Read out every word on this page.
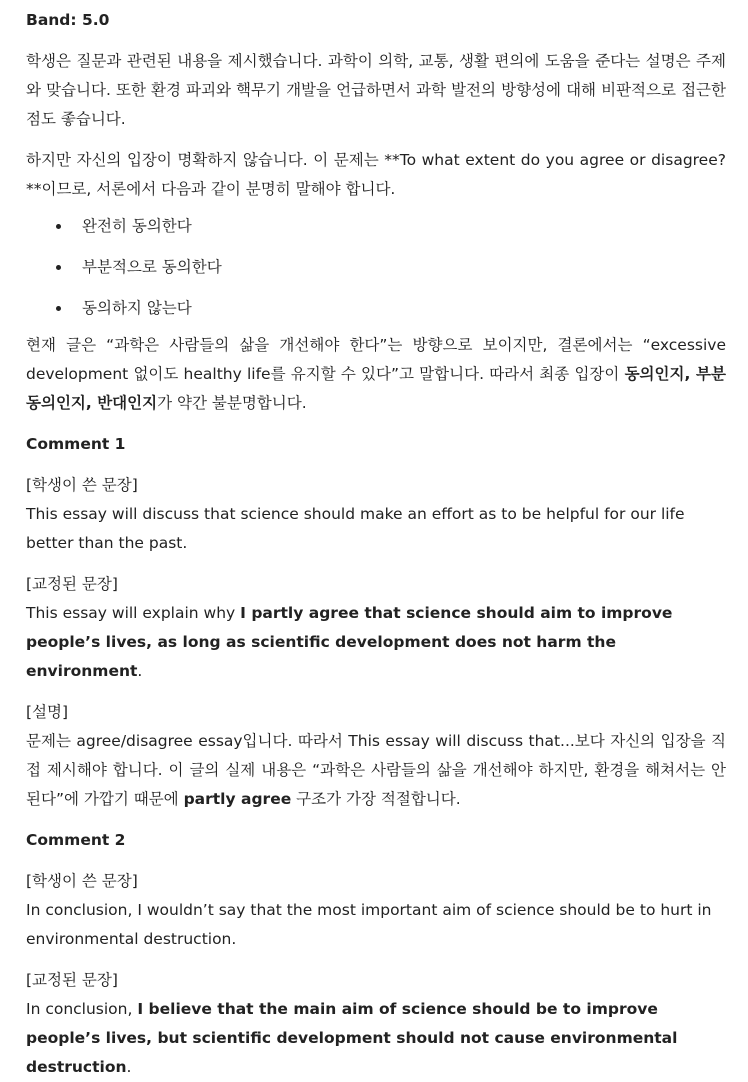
Band: 5.0

학생은 질문과 관련된 내용을 제시했습니다. 과학이 의학, 교통, 생활 편의에 도움을 준다는 설명은 주제와 맞습니다. 또한 환경 파괴와 핵무기 개발을 언급하면서 과학 발전의 방향성에 대해 비판적으로 접근한 점도 좋습니다.

하지만 자신의 입장이 명확하지 않습니다. 이 문제는 **To what extent do you agree or disagree?**이므로, 서론에서 다음과 같이 분명히 말해야 합니다.

완전히 동의한다
부분적으로 동의한다
동의하지 않는다

현재 글은 “과학은 사람들의 삶을 개선해야 한다”는 방향으로 보이지만, 결론에서는 “excessive development 없이도 healthy life를 유지할 수 있다”고 말합니다. 따라서 최종 입장이 동의인지, 부분 동의인지, 반대인지가 약간 불분명합니다.

Comment 1

[학생이 쓴 문장]

This essay will discuss that science should make an effort as to be helpful for our life better than the past.

[교정된 문장]

This essay will explain why I partly agree that science should aim to improve people’s lives, as long as scientific development does not harm the environment.

[설명]

문제는 agree/disagree essay입니다. 따라서 This essay will discuss that...보다 자신의 입장을 직접 제시해야 합니다. 이 글의 실제 내용은 “과학은 사람들의 삶을 개선해야 하지만, 환경을 해쳐서는 안 된다”에 가깝기 때문에 partly agree 구조가 가장 적절합니다.

Comment 2

[학생이 쓴 문장]

In conclusion, I wouldn’t say that the most important aim of science should be to hurt in environmental destruction.

[교정된 문장]

In conclusion, I believe that the main aim of science should be to improve people’s lives, but scientific development should not cause environmental destruction.
